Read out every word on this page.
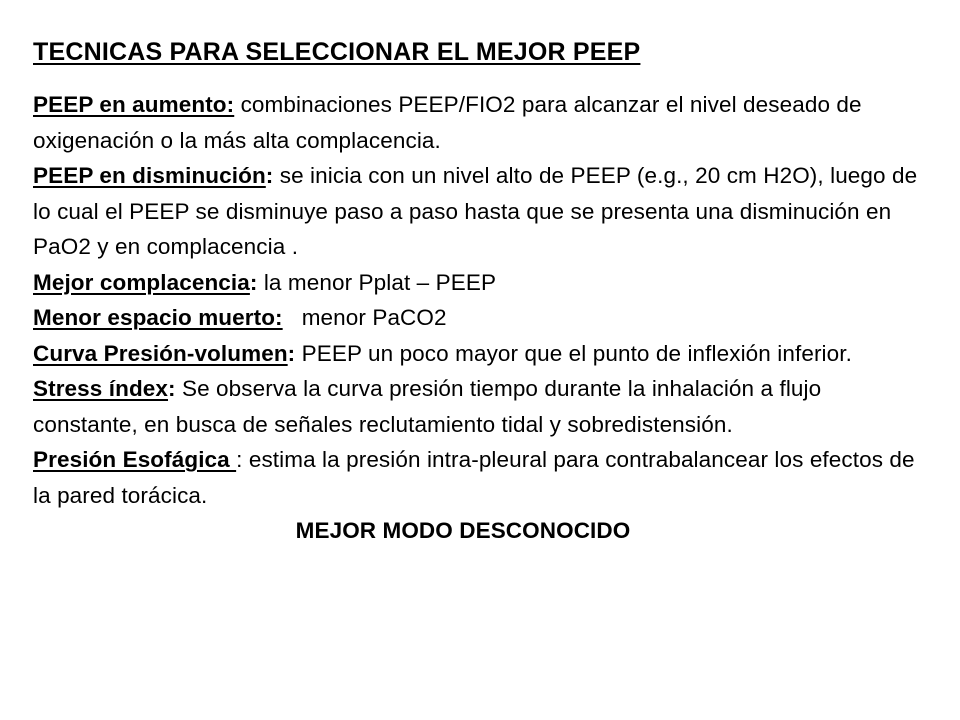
TECNICAS PARA SELECCIONAR EL MEJOR PEEP

PEEP en aumento: combinaciones PEEP/FIO2 para alcanzar el nivel deseado de oxigenación o la más alta complacencia.

PEEP en disminución: se inicia con un nivel alto de PEEP (e.g., 20 cm H2O), luego de lo cual el PEEP se disminuye paso a paso hasta que se presenta una disminución en PaO2 y en complacencia .

Mejor complacencia: la menor Pplat – PEEP

Menor espacio muerto:   menor PaCO2

Curva Presión-volumen: PEEP un poco mayor que el punto de inflexión inferior.

Stress índex: Se observa la curva presión tiempo durante la inhalación a flujo constante, en busca de señales reclutamiento tidal y sobredistensión.

Presión Esofágica : estima la presión intra-pleural para contrabalancear los efectos de la pared torácica.

MEJOR MODO DESCONOCIDO
